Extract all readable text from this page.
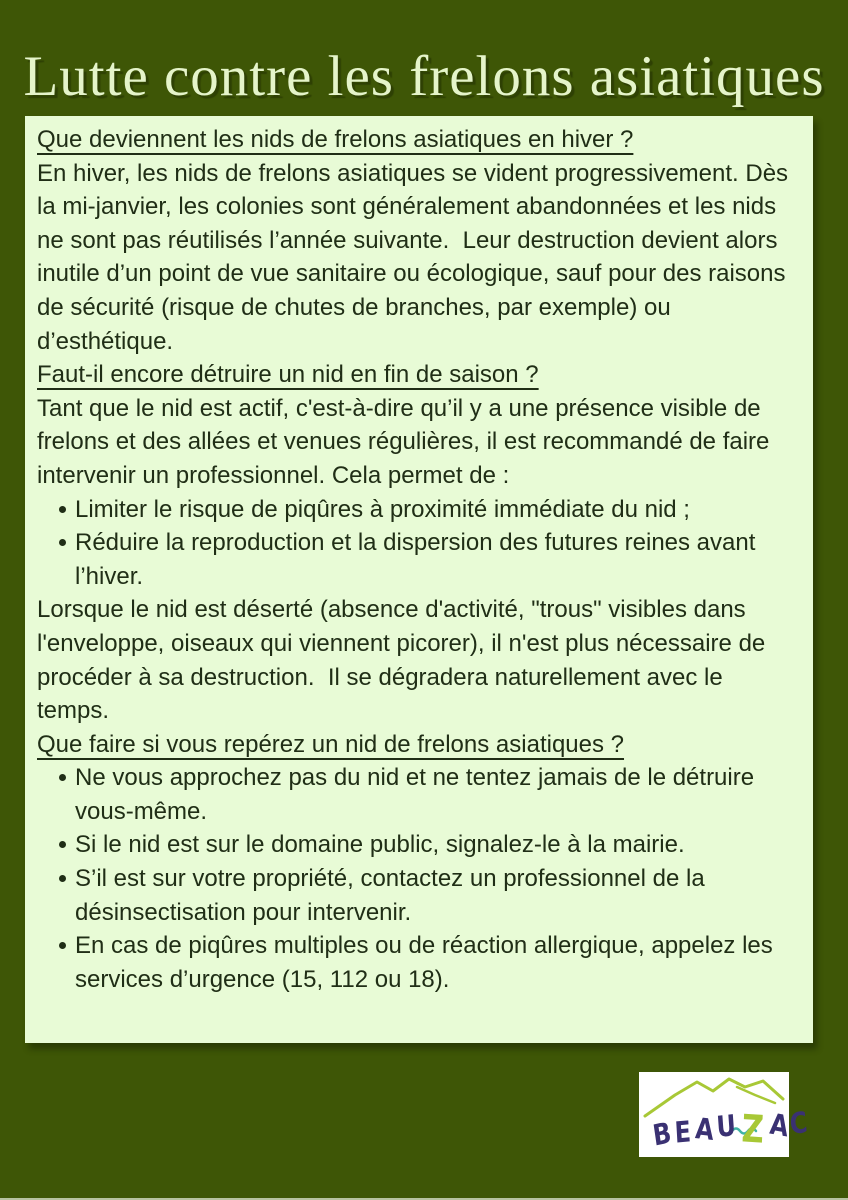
Lutte contre les frelons asiatiques
Que deviennent les nids de frelons asiatiques en hiver ?
En hiver, les nids de frelons asiatiques se vident progressivement. Dès la mi-janvier, les colonies sont généralement abandonnées et les nids ne sont pas réutilisés l’année suivante.  Leur destruction devient alors inutile d’un point de vue sanitaire ou écologique, sauf pour des raisons de sécurité (risque de chutes de branches, par exemple) ou d’esthétique.
Faut-il encore détruire un nid en fin de saison ?
Tant que le nid est actif, c'est-à-dire qu’il y a une présence visible de frelons et des allées et venues régulières, il est recommandé de faire intervenir un professionnel. Cela permet de :
Limiter le risque de piqûres à proximité immédiate du nid ;
Réduire la reproduction et la dispersion des futures reines avant l’hiver.
Lorsque le nid est déserté (absence d'activité, "trous" visibles dans l'enveloppe, oiseaux qui viennent picorer), il n'est plus nécessaire de procéder à sa destruction.  Il se dégradera naturellement avec le temps.
Que faire si vous repérez un nid de frelons asiatiques ?
Ne vous approchez pas du nid et ne tentez jamais de le détruire vous-même.
Si le nid est sur le domaine public, signalez-le à la mairie.
S’il est sur votre propriété, contactez un professionnel de la désinsectisation pour intervenir.
En cas de piqûres multiples ou de réaction allergique, appelez les services d’urgence (15, 112 ou 18).
B E A U Z A
C
